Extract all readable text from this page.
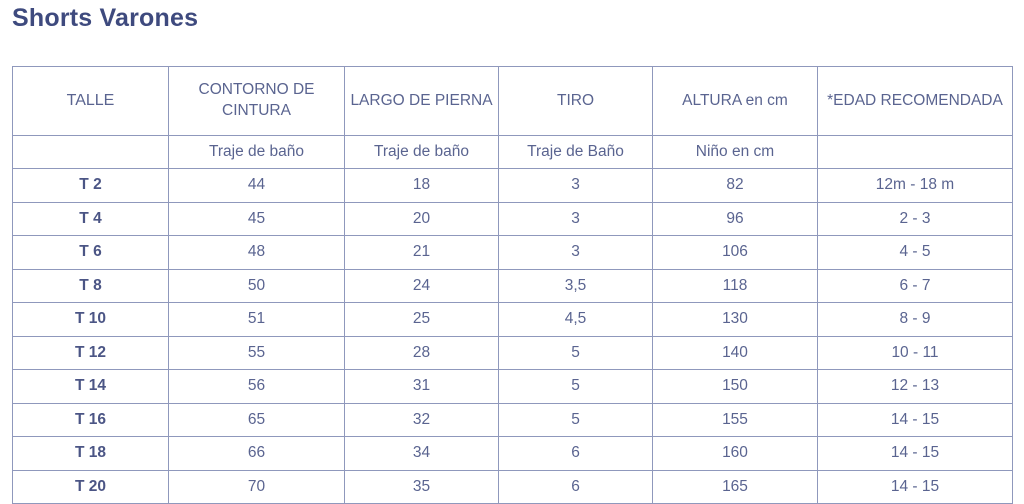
Shorts Varones
TALLE	CONTORNO DE CINTURA	LARGO DE PIERNA	TIRO	ALTURA en cm	*EDAD RECOMENDADA
	Traje de baño	Traje de baño	Traje de Baño	Niño en cm	
T 2	44	18	3	82	12m - 18 m
T 4	45	20	3	96	2 - 3
T 6	48	21	3	106	4 - 5
T 8	50	24	3,5	118	6 - 7
T 10	51	25	4,5	130	8 - 9
T 12	55	28	5	140	10 - 11
T 14	56	31	5	150	12 - 13
T 16	65	32	5	155	14 - 15
T 18	66	34	6	160	14 - 15
T 20	70	35	6	165	14 - 15
